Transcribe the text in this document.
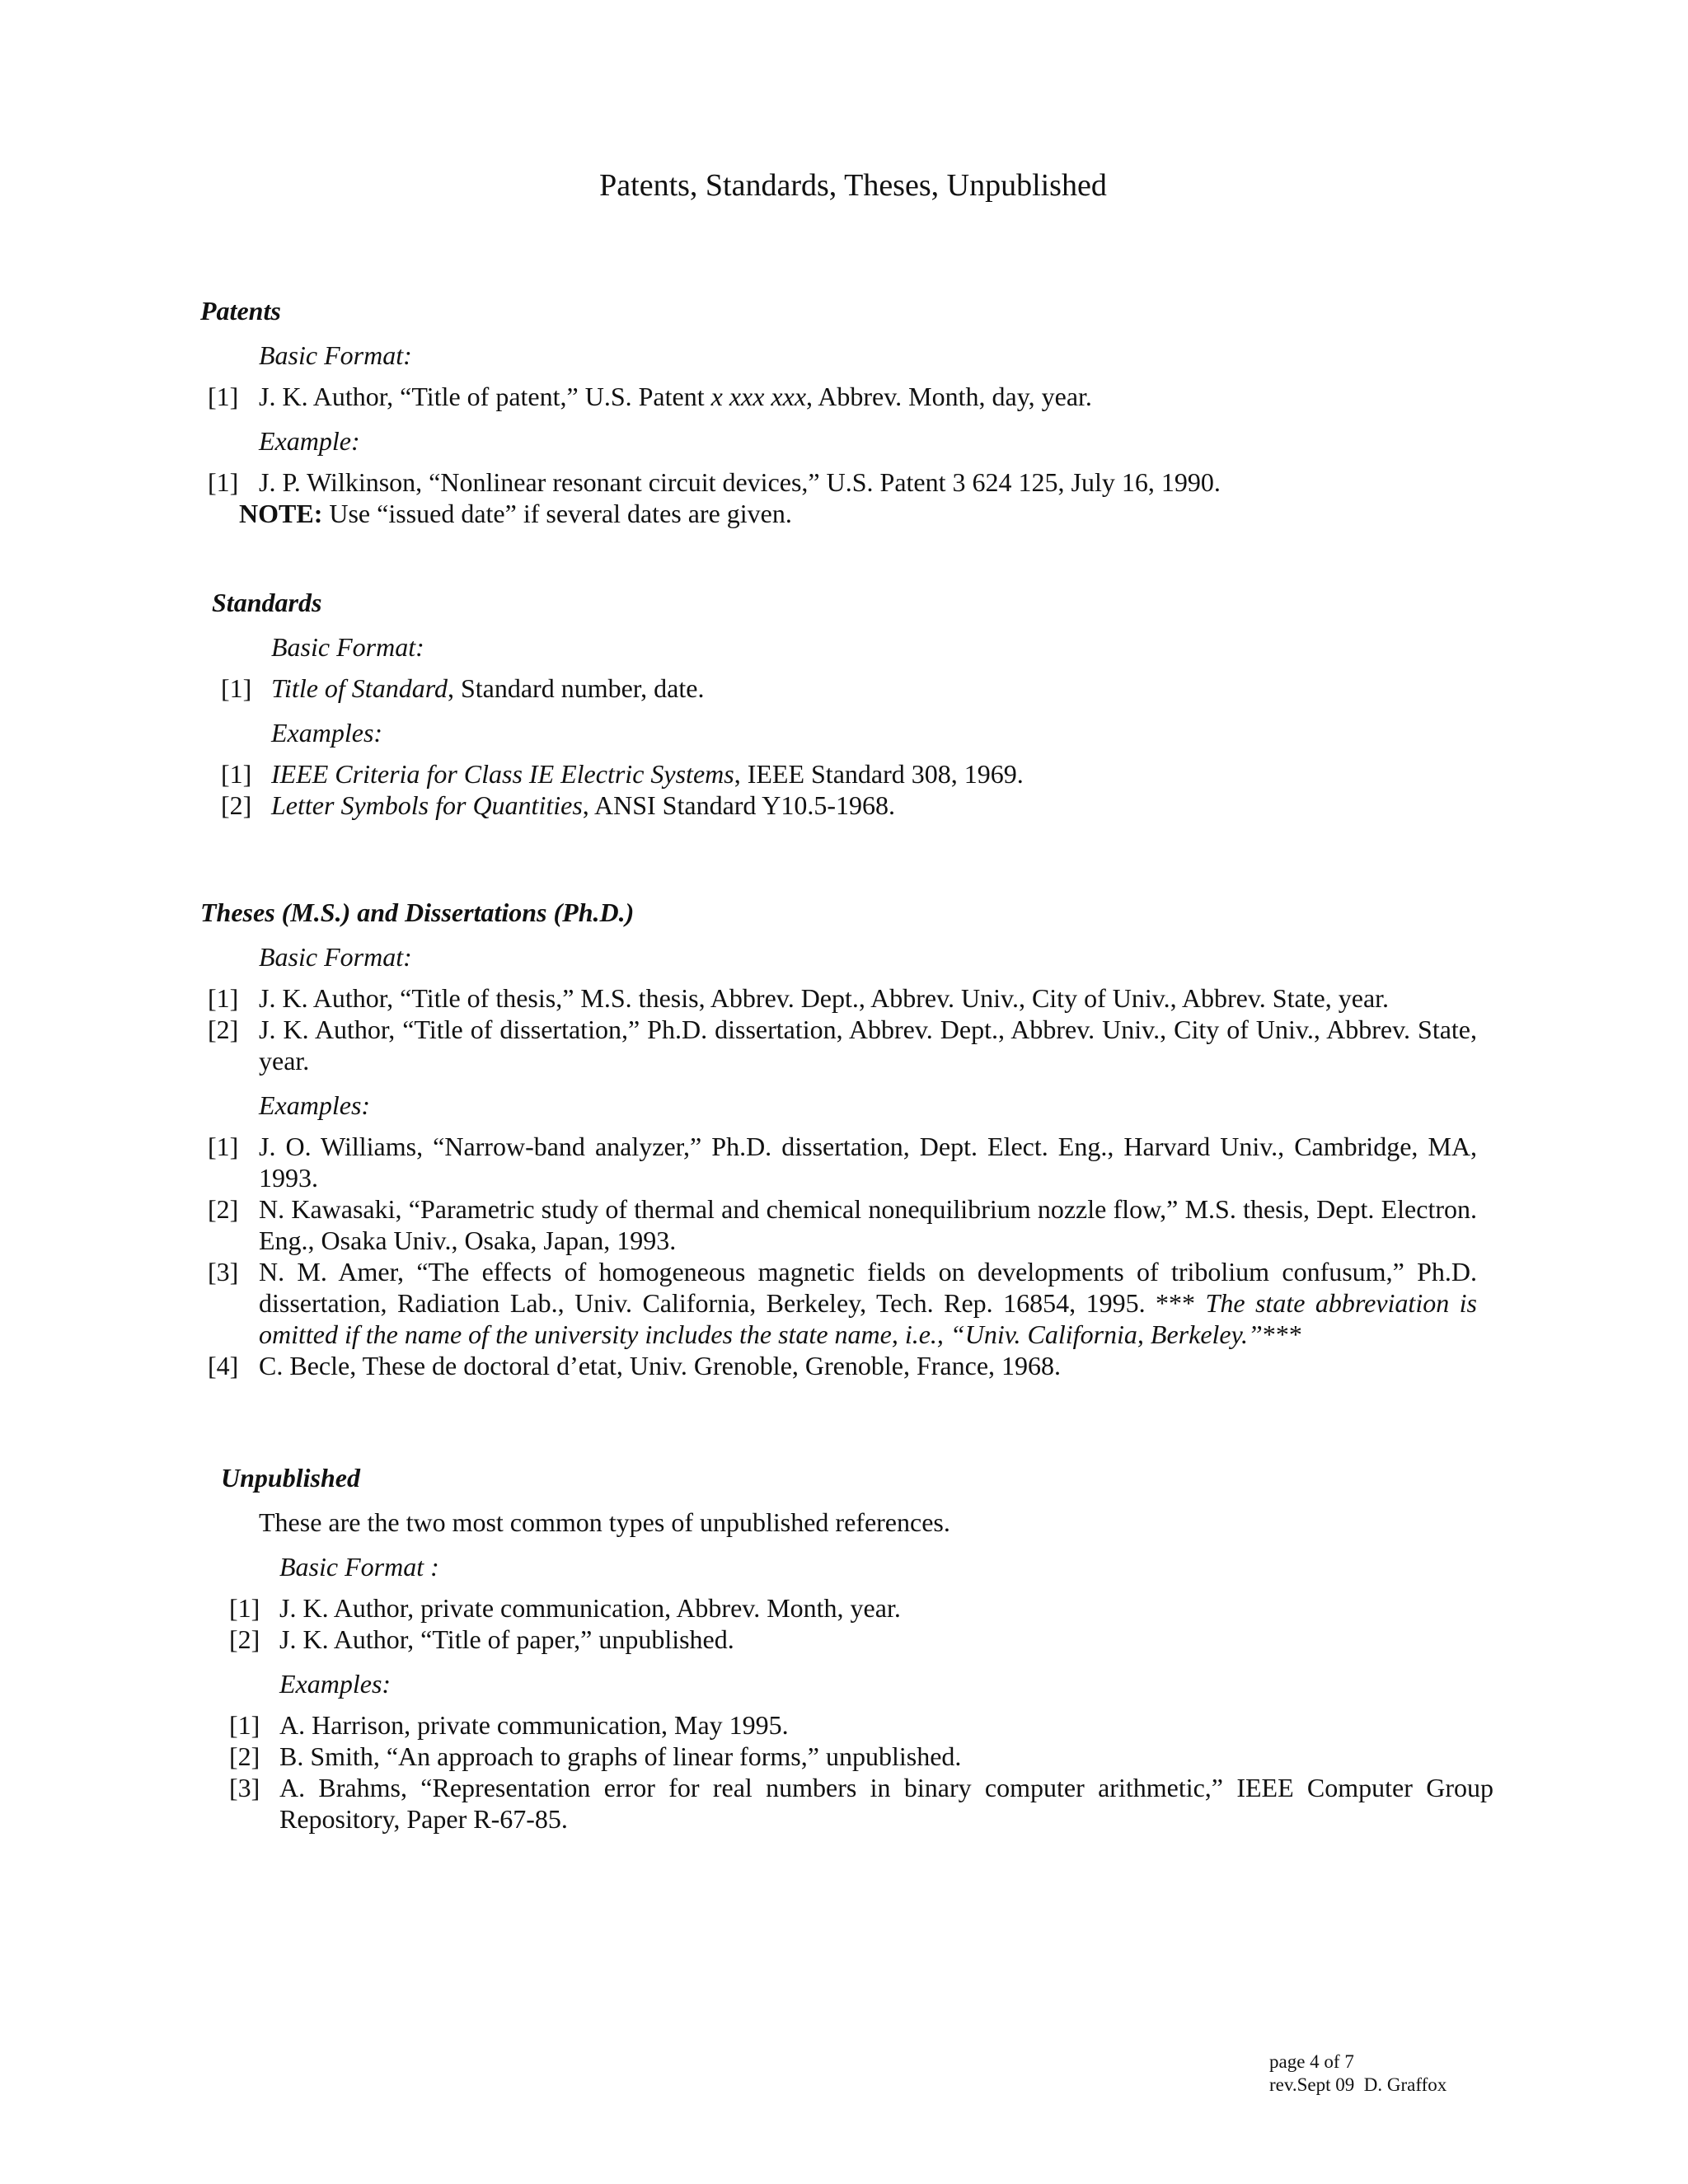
Patents, Standards, Theses, Unpublished
Patents
Basic Format:
[1] J. K. Author, “Title of patent,” U.S. Patent x xxx xxx, Abbrev. Month, day, year.
Example:
[1] J. P. Wilkinson, “Nonlinear resonant circuit devices,” U.S. Patent 3 624 125, July 16, 1990.
NOTE: Use “issued date” if several dates are given.
Standards
Basic Format:
[1] Title of Standard, Standard number, date.
Examples:
[1] IEEE Criteria for Class IE Electric Systems, IEEE Standard 308, 1969.
[2] Letter Symbols for Quantities, ANSI Standard Y10.5-1968.
Theses (M.S.) and Dissertations (Ph.D.)
Basic Format:
[1] J. K. Author, “Title of thesis,” M.S. thesis, Abbrev. Dept., Abbrev. Univ., City of Univ., Abbrev. State, year.
[2] J. K. Author, “Title of dissertation,” Ph.D. dissertation, Abbrev. Dept., Abbrev. Univ., City of Univ., Abbrev. State, year.
Examples:
[1] J. O. Williams, “Narrow-band analyzer,” Ph.D. dissertation, Dept. Elect. Eng., Harvard Univ., Cambridge, MA, 1993.
[2] N. Kawasaki, “Parametric study of thermal and chemical nonequilibrium nozzle flow,” M.S. thesis, Dept. Electron. Eng., Osaka Univ., Osaka, Japan, 1993.
[3] N. M. Amer, “The effects of homogeneous magnetic fields on developments of tribolium confusum,” Ph.D. dissertation, Radiation Lab., Univ. California, Berkeley, Tech. Rep. 16854, 1995. *** The state abbreviation is omitted if the name of the university includes the state name, i.e., “Univ. California, Berkeley.”***
[4] C. Becle, These de doctoral d’etat, Univ. Grenoble, Grenoble, France, 1968.
Unpublished
These are the two most common types of unpublished references.
Basic Format :
[1] J. K. Author, private communication, Abbrev. Month, year.
[2] J. K. Author, “Title of paper,” unpublished.
Examples:
[1] A. Harrison, private communication, May 1995.
[2] B. Smith, “An approach to graphs of linear forms,” unpublished.
[3] A. Brahms, “Representation error for real numbers in binary computer arithmetic,” IEEE Computer Group Repository, Paper R-67-85.
page 4 of 7
rev.Sept 09  D. Graffox
